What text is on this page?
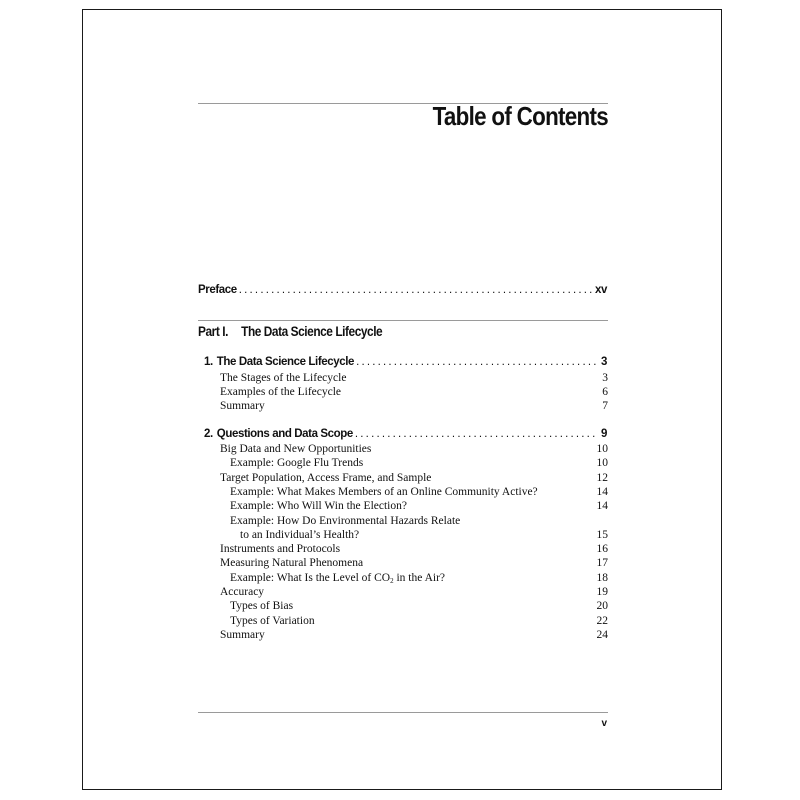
Table of Contents
Preface . . .	xv
Part I. The Data Science Lifecycle
1. The Data Science Lifecycle . . .	3
The Stages of the Lifecycle	3
Examples of the Lifecycle	6
Summary	7
2. Questions and Data Scope . . .	9
Big Data and New Opportunities	10
Example: Google Flu Trends	10
Target Population, Access Frame, and Sample	12
Example: What Makes Members of an Online Community Active?	14
Example: Who Will Win the Election?	14
Example: How Do Environmental Hazards Relate
to an Individual’s Health?	15
Instruments and Protocols	16
Measuring Natural Phenomena	17
Example: What Is the Level of $CO_2$ in the Air?	18
Accuracy	19
Types of Bias	20
Types of Variation	22
Summary	24
v
